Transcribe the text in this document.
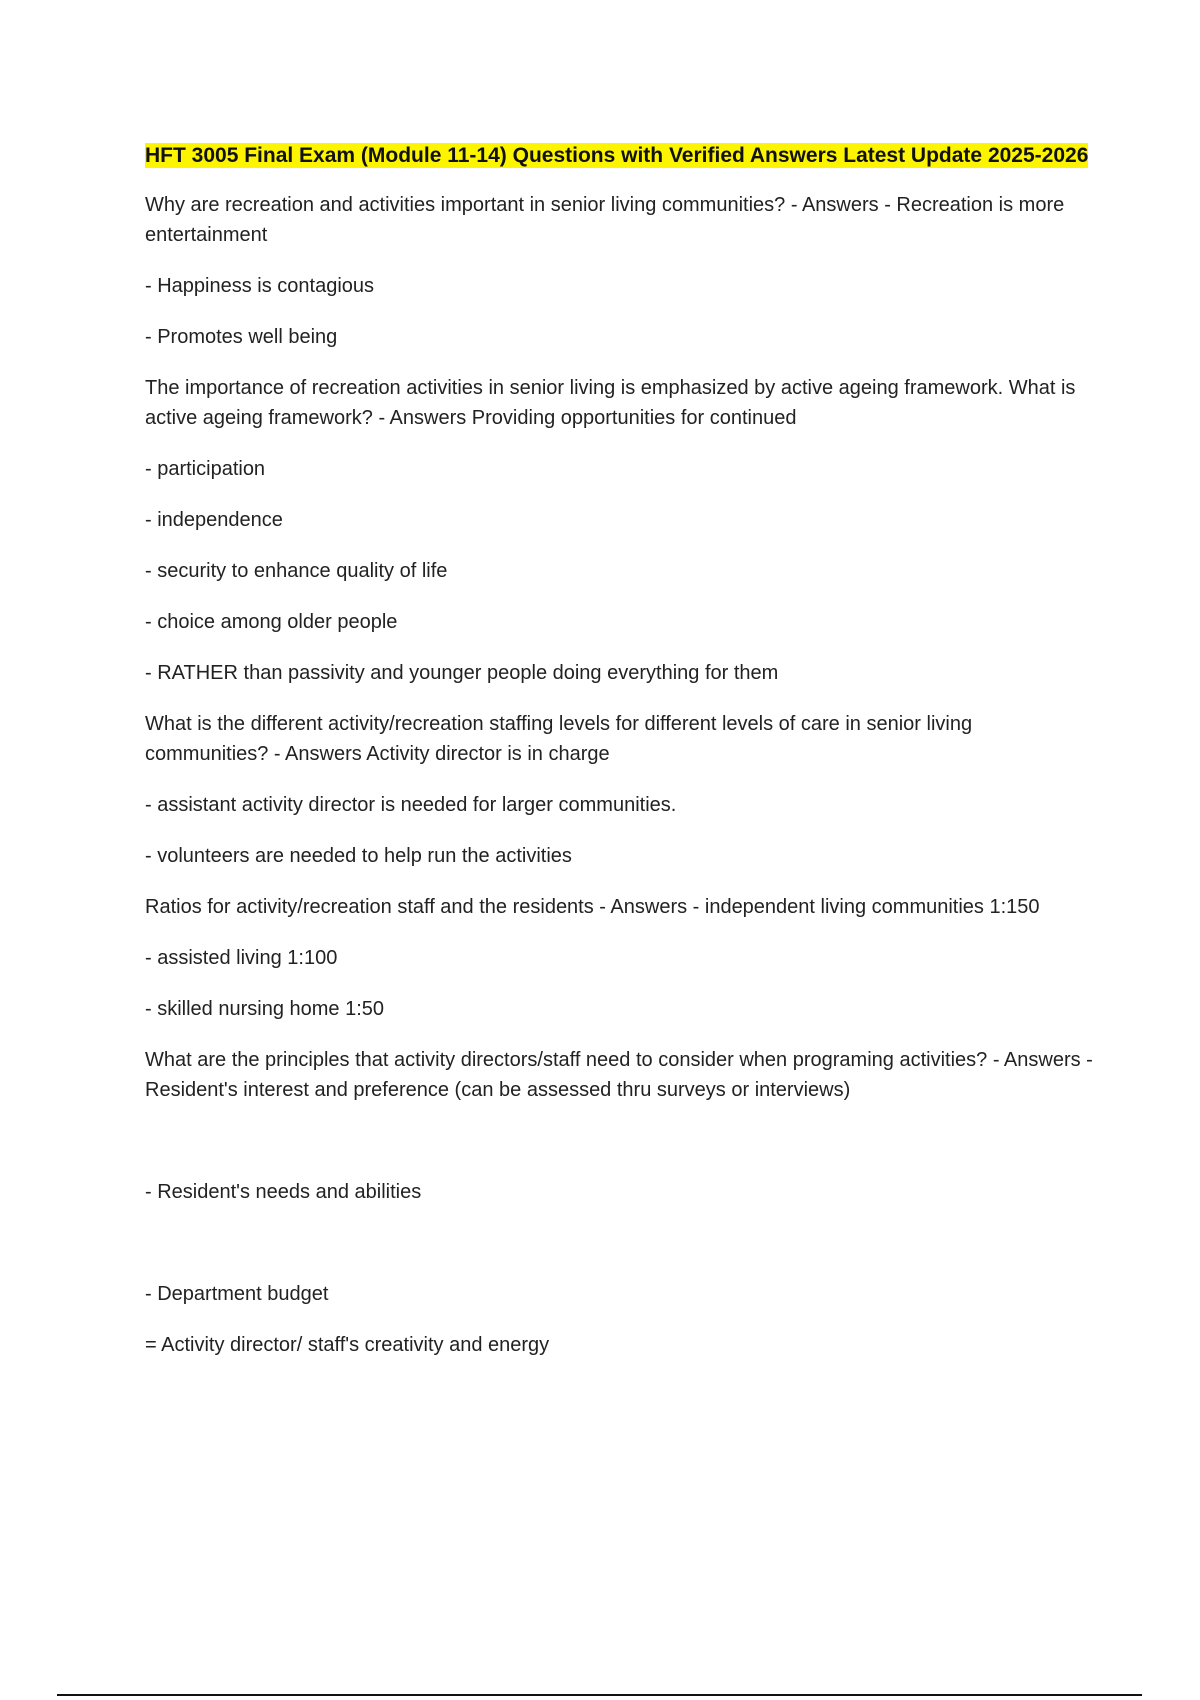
HFT 3005 Final Exam (Module 11-14) Questions with Verified Answers Latest Update 2025-2026

Why are recreation and activities important in senior living communities? - Answers - Recreation is more entertainment

- Happiness is contagious

- Promotes well being

The importance of recreation activities in senior living is emphasized by active ageing framework. What is active ageing framework? - Answers Providing opportunities for continued

- participation

- independence

- security to enhance quality of life

- choice among older people

- RATHER than passivity and younger people doing everything for them

What is the different activity/recreation staffing levels for different levels of care in senior living communities? - Answers Activity director is in charge

- assistant activity director is needed for larger communities.

- volunteers are needed to help run the activities

Ratios for activity/recreation staff and the residents - Answers - independent living communities 1:150

- assisted living 1:100

- skilled nursing home 1:50

What are the principles that activity directors/staff need to consider when programing activities? - Answers - Resident's interest and preference (can be assessed thru surveys or interviews)

- Resident's needs and abilities

- Department budget

= Activity director/ staff's creativity and energy
